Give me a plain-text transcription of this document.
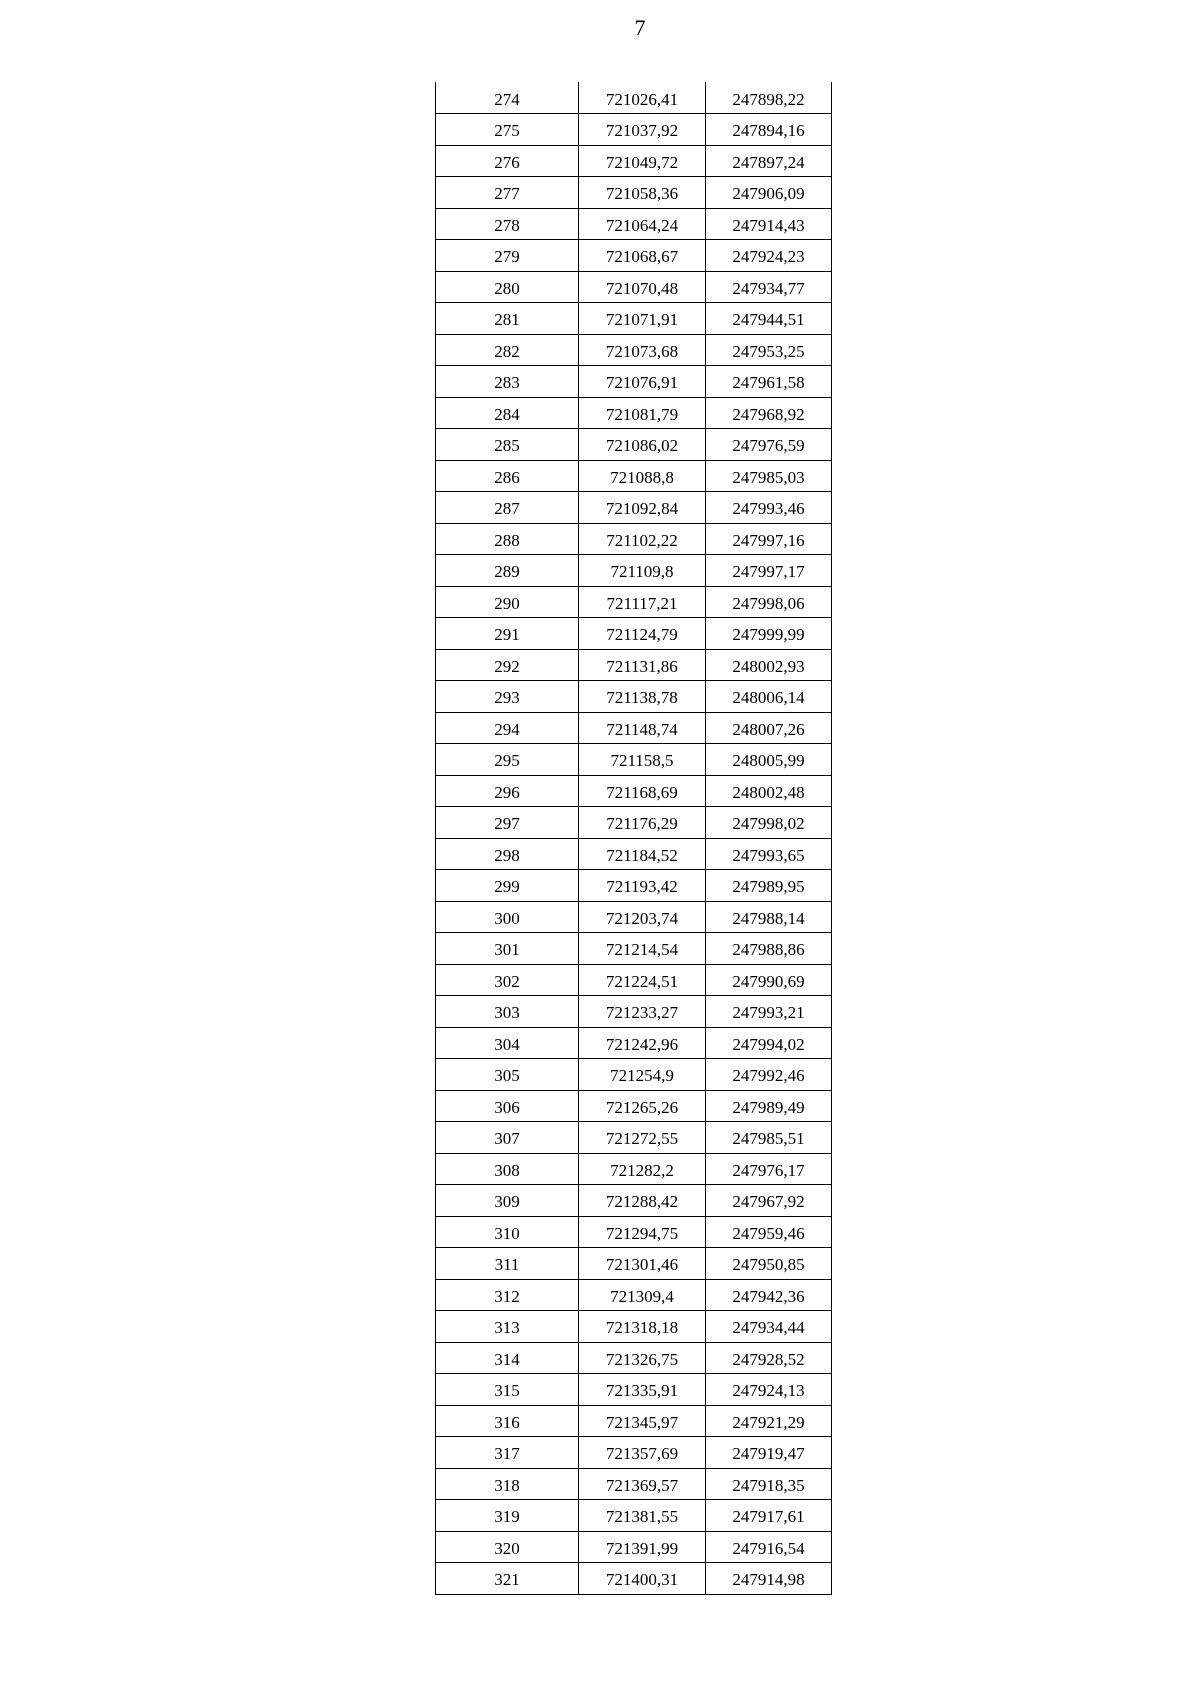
7
274	721026,41	247898,22
275	721037,92	247894,16
276	721049,72	247897,24
277	721058,36	247906,09
278	721064,24	247914,43
279	721068,67	247924,23
280	721070,48	247934,77
281	721071,91	247944,51
282	721073,68	247953,25
283	721076,91	247961,58
284	721081,79	247968,92
285	721086,02	247976,59
286	721088,8	247985,03
287	721092,84	247993,46
288	721102,22	247997,16
289	721109,8	247997,17
290	721117,21	247998,06
291	721124,79	247999,99
292	721131,86	248002,93
293	721138,78	248006,14
294	721148,74	248007,26
295	721158,5	248005,99
296	721168,69	248002,48
297	721176,29	247998,02
298	721184,52	247993,65
299	721193,42	247989,95
300	721203,74	247988,14
301	721214,54	247988,86
302	721224,51	247990,69
303	721233,27	247993,21
304	721242,96	247994,02
305	721254,9	247992,46
306	721265,26	247989,49
307	721272,55	247985,51
308	721282,2	247976,17
309	721288,42	247967,92
310	721294,75	247959,46
311	721301,46	247950,85
312	721309,4	247942,36
313	721318,18	247934,44
314	721326,75	247928,52
315	721335,91	247924,13
316	721345,97	247921,29
317	721357,69	247919,47
318	721369,57	247918,35
319	721381,55	247917,61
320	721391,99	247916,54
321	721400,31	247914,98
